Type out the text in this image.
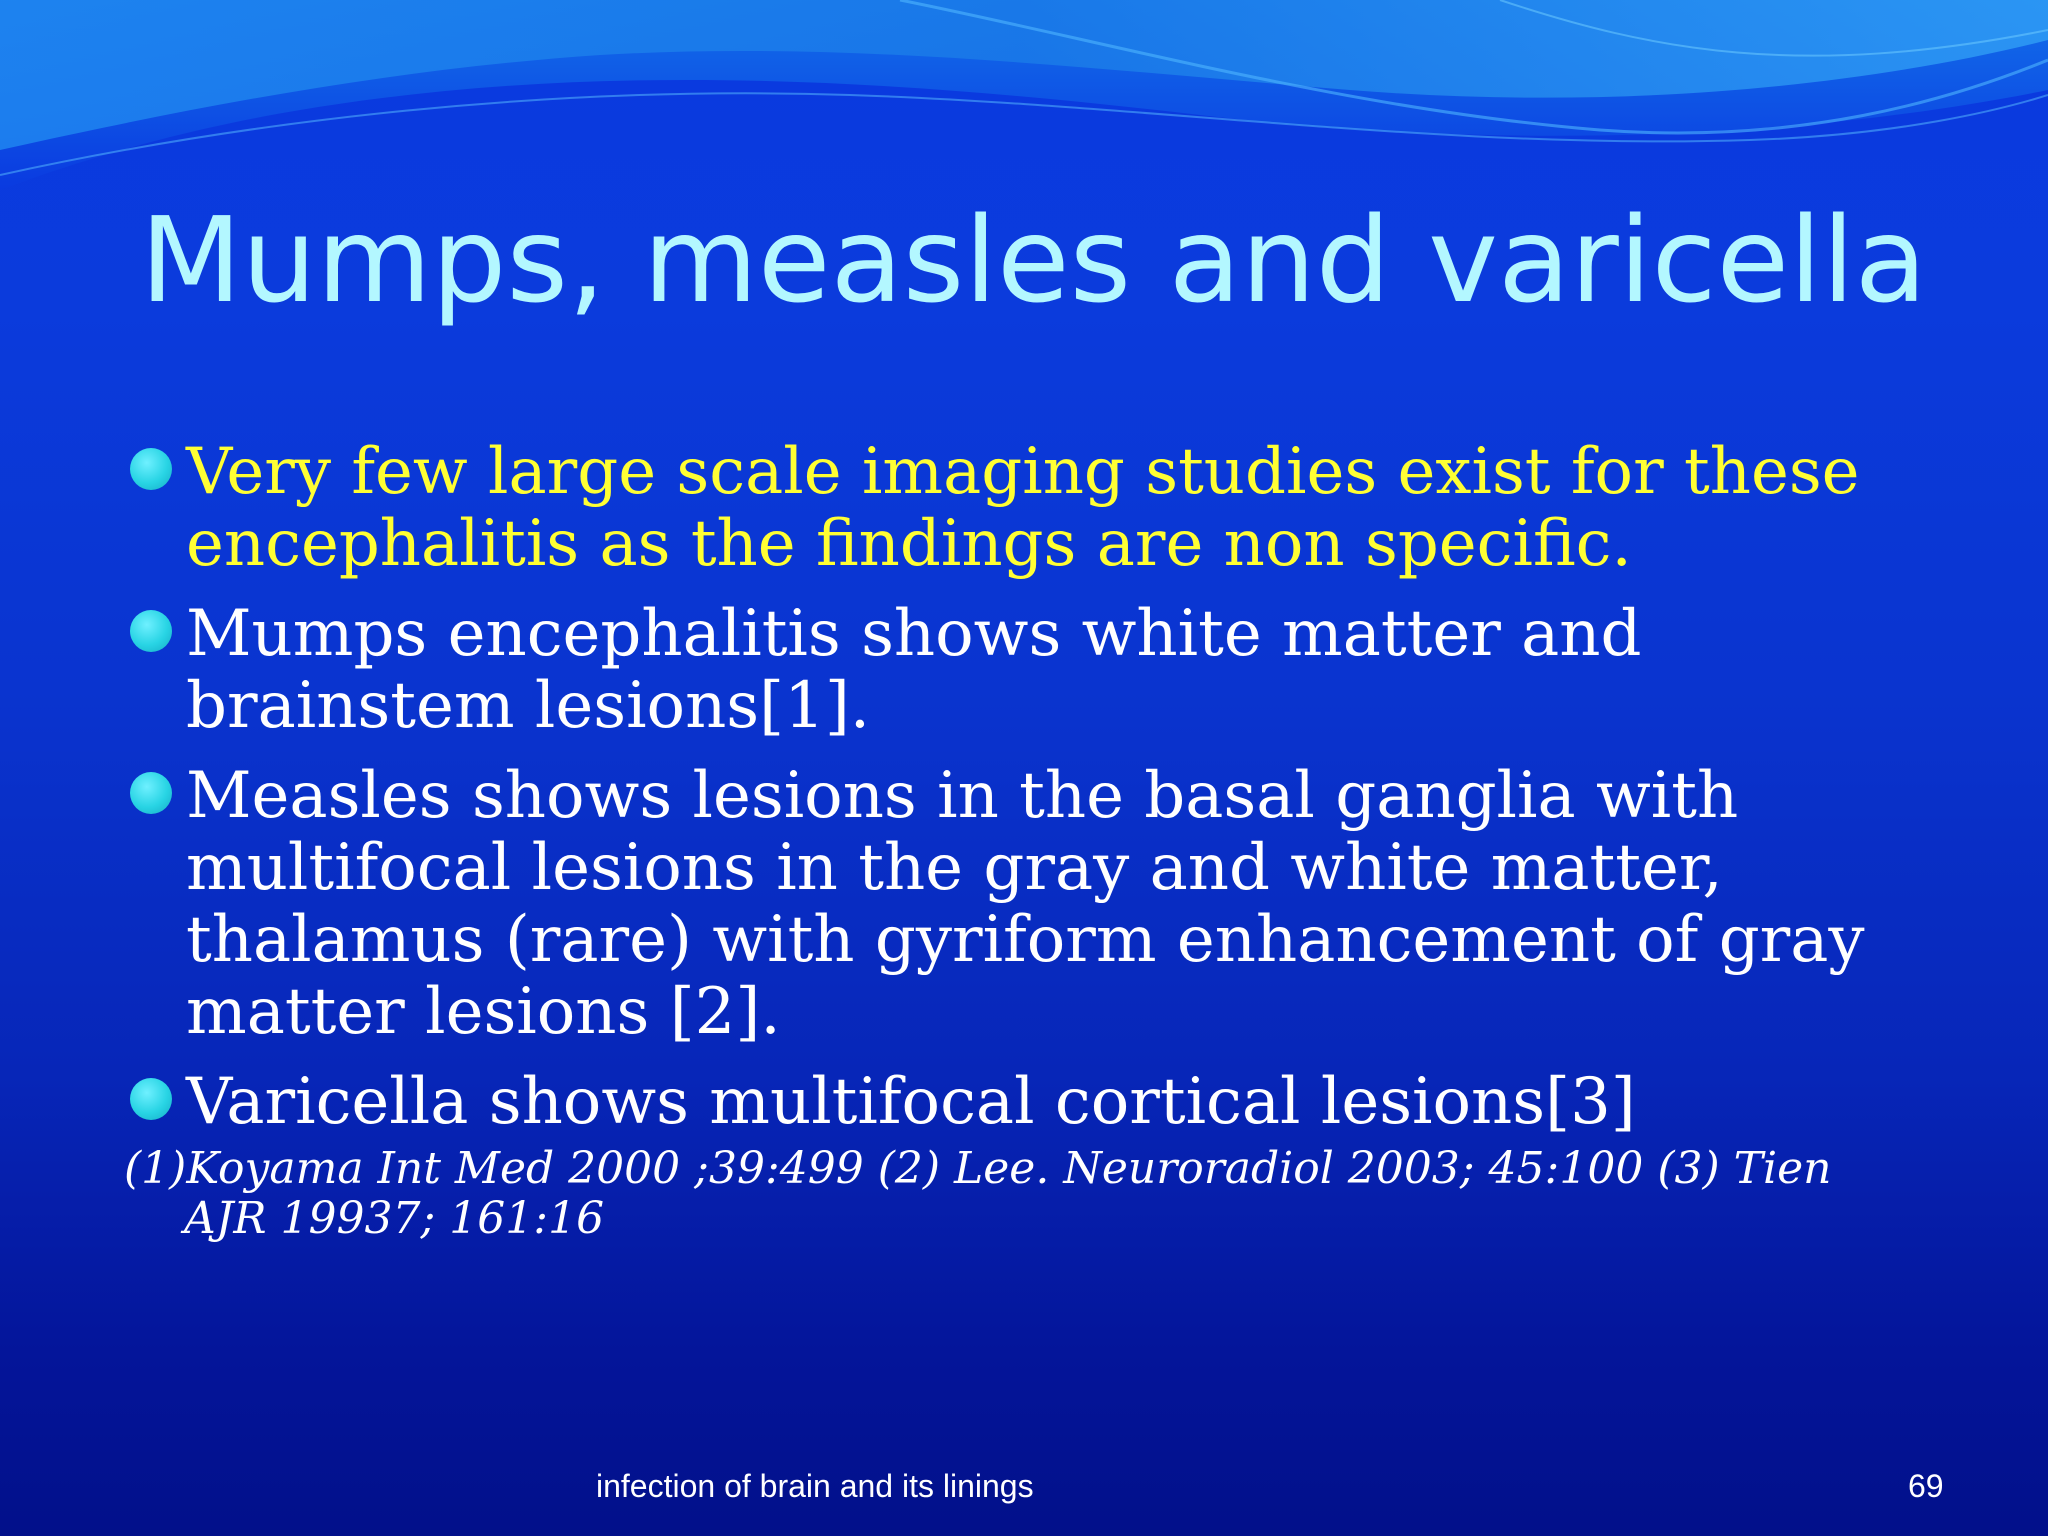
Mumps, measles and varicella
Very few large scale imaging studies exist for these encephalitis as the findings are non specific.
Mumps encephalitis shows white matter and brainstem lesions[1].
Measles shows lesions in the basal ganglia with multifocal lesions in the gray and white matter, thalamus (rare) with gyriform enhancement of gray matter lesions [2].
Varicella shows multifocal cortical lesions[3]

(1)Koyama Int Med 2000 ;39:499 (2) Lee. Neuroradiol 2003; 45:100 (3) Tien AJR 19937; 161:16

infection of brain and its linings	69
